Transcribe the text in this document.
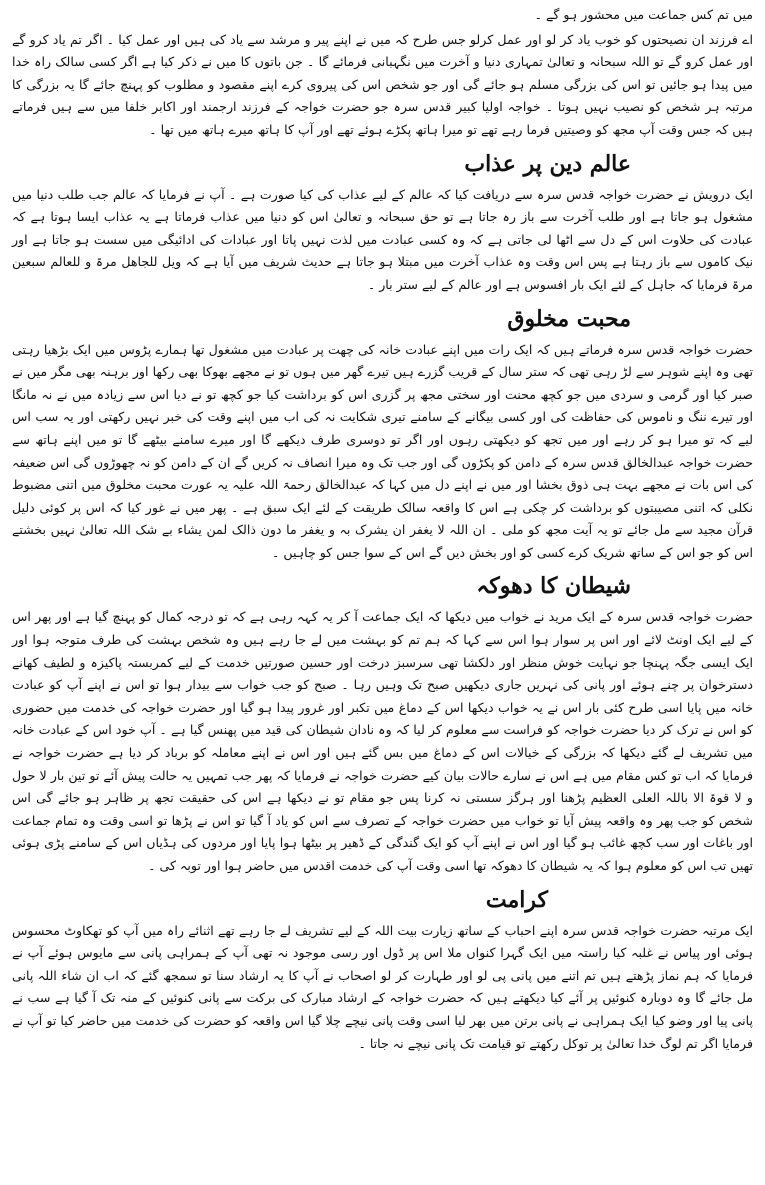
میں تم کس جماعت میں محشور ہو گے ۔

اے فرزند ان نصیحتوں کو خوب یاد کر لو اور عمل کرلو جس طرح کہ میں نے اپنے پیر و مرشد سے یاد کی ہیں اور عمل کیا ۔ اگر تم یاد کرو گے اور عمل کرو گے تو اللہ سبحانہ و تعالیٰ تمہاری دنیا و آخرت میں نگہبانی فرمائے گا ۔ جن باتوں کا میں نے ذکر کیا ہے اگر کسی سالک راہ خدا میں پیدا ہو جائیں تو اس کی بزرگی مسلم ہو جائے گی اور جو شخص اس کی پیروی کرے اپنے مقصود و مطلوب کو پہنچ جائے گا یہ بزرگی کا مرتبہ ہر شخص کو نصیب نہیں ہوتا ۔ خواجہ اولیا کبیر قدس سرہ جو حضرت خواجہ کے فرزند ارجمند اور اکابر خلفا میں سے ہیں فرماتے ہیں کہ جس وقت آپ مجھ کو وصیتیں فرما رہے تھے تو میرا ہاتھ پکڑے ہوئے تھے اور آپ کا ہاتھ میرے ہاتھ میں تھا ۔

عالم دین پر عذاب

ایک درویش نے حضرت خواجہ قدس سرہ سے دریافت کیا کہ عالم کے لیے عذاب کی کیا صورت ہے ۔ آپ نے فرمایا کہ عالم جب طلب دنیا میں مشغول ہو جاتا ہے اور طلب آخرت سے باز رہ جاتا ہے تو حق سبحانہ و تعالیٰ اس کو دنیا میں عذاب فرماتا ہے یہ عذاب ایسا ہوتا ہے کہ عبادت کی حلاوت اس کے دل سے اٹھا لی جاتی ہے کہ وہ کسی عبادت میں لذت نہیں پاتا اور عبادات کی ادائیگی میں سست ہو جاتا ہے اور نیک کاموں سے باز رہتا ہے پس اس وقت وہ عذاب آخرت میں مبتلا ہو جاتا ہے حدیث شریف میں آیا ہے کہ ویل للجاھل مرۃ و للعالم سبعین مرۃ فرمایا کہ جاہل کے لئے ایک بار افسوس ہے اور عالم کے لیے ستر بار ۔

محبت مخلوق

حضرت خواجہ قدس سرہ فرماتے ہیں کہ ایک رات میں اپنے عبادت خانہ کی چھت پر عبادت میں مشغول تھا ہمارے پڑوس میں ایک بڑھیا رہتی تھی وہ اپنے شوہر سے لڑ رہی تھی کہ ستر سال کے قریب گزرے ہیں تیرے گھر میں ہوں تو نے مجھے بھوکا بھی رکھا اور برہنہ بھی مگر میں نے صبر کیا اور گرمی و سردی میں جو کچھ محنت اور سختی مجھ پر گزری اس کو برداشت کیا جو کچھ تو نے دیا اس سے زیادہ میں نے نہ مانگا اور تیرے ننگ و ناموس کی حفاظت کی اور کسی بیگانے کے سامنے تیری شکایت نہ کی اب میں اپنے وقت کی خبر نہیں رکھتی اور یہ سب اس لیے کہ تو میرا ہو کر رہے اور میں تجھ کو دیکھتی رہوں اور اگر تو دوسری طرف دیکھے گا اور میرے سامنے بیٹھے گا تو میں اپنے ہاتھ سے حضرت خواجہ عبدالخالق قدس سرہ کے دامن کو پکڑوں گی اور جب تک وہ میرا انصاف نہ کریں گے ان کے دامن کو نہ چھوڑوں گی اس ضعیفہ کی اس بات نے مجھے بہت ہی ذوق بخشا اور میں نے اپنے دل میں کہا کہ عبدالخالق رحمۃ اللہ علیہ یہ عورت محبت مخلوق میں اتنی مضبوط نکلی کہ اتنی مصیبتوں کو برداشت کر چکی ہے اس کا واقعہ سالک طریقت کے لئے ایک سبق ہے ۔ پھر میں نے غور کیا کہ اس پر کوئی دلیل قرآن مجید سے مل جائے تو یہ آیت مجھ کو ملی ۔ ان اللہ لا یغفر ان یشرک بہ و یغفر ما دون ذالک لمن یشاء بے شک اللہ تعالیٰ نہیں بخشتے اس کو جو اس کے ساتھ شریک کرے کسی کو اور بخش دیں گے اس کے سوا جس کو چاہیں ۔

شیطان کا دھوکہ

حضرت خواجہ قدس سرہ کے ایک مرید نے خواب میں دیکھا کہ ایک جماعت آ کر یہ کہہ رہی ہے کہ تو درجہ کمال کو پہنچ گیا ہے اور پھر اس کے لیے ایک اونٹ لائے اور اس پر سوار ہوا اس سے کہا کہ ہم تم کو بہشت میں لے جا رہے ہیں وہ شخص بہشت کی طرف متوجہ ہوا اور ایک ایسی جگہ پہنچا جو نہایت خوش منظر اور دلکشا تھی سرسبز درخت اور حسین صورتیں خدمت کے لیے کمربستہ پاکیزہ و لطیف کھانے دسترخوان پر چنے ہوئے اور پانی کی نہریں جاری دیکھیں صبح تک وہیں رہا ۔ صبح کو جب خواب سے بیدار ہوا تو اس نے اپنے آپ کو عبادت خانہ میں پایا اسی طرح کئی بار اس نے یہ خواب دیکھا اس کے دماغ میں تکبر اور غرور پیدا ہو گیا اور حضرت خواجہ کی خدمت میں حضوری کو اس نے ترک کر دیا حضرت خواجہ کو فراست سے معلوم کر لیا کہ وہ نادان شیطان کی قید میں پھنس گیا ہے ۔ آپ خود اس کے عبادت خانہ میں تشریف لے گئے دیکھا کہ بزرگی کے خیالات اس کے دماغ میں بس گئے ہیں اور اس نے اپنے معاملہ کو برباد کر دیا ہے حضرت خواجہ نے فرمایا کہ اب تو کس مقام میں ہے اس نے سارے حالات بیان کیے حضرت خواجہ نے فرمایا کہ پھر جب تمہیں یہ حالت پیش آئے تو تین بار لا حول و لا قوۃ الا باللہ العلی العظیم پڑھنا اور ہرگز سستی نہ کرنا پس جو مقام تو نے دیکھا ہے اس کی حقیقت تجھ پر ظاہر ہو جائے گی اس شخص کو جب پھر وہ واقعہ پیش آیا تو خواب میں حضرت خواجہ کے تصرف سے اس کو یاد آ گیا تو اس نے پڑھا تو اسی وقت وہ تمام جماعت اور باغات اور سب کچھ غائب ہو گیا اور اس نے اپنے آپ کو ایک گندگی کے ڈھیر پر بیٹھا ہوا پایا اور مردوں کی ہڈیاں اس کے سامنے پڑی ہوئی تھیں تب اس کو معلوم ہوا کہ یہ شیطان کا دھوکہ تھا اسی وقت آپ کی خدمت اقدس میں حاضر ہوا اور توبہ کی ۔

کرامت

ایک مرتبہ حضرت خواجہ قدس سرہ اپنے احباب کے ساتھ زیارت بیت اللہ کے لیے تشریف لے جا رہے تھے اثنائے راہ میں آپ کو تھکاوٹ محسوس ہوئی اور پیاس نے غلبہ کیا راستہ میں ایک گہرا کنواں ملا اس پر ڈول اور رسی موجود نہ تھی آپ کے ہمراہی پانی سے مایوس ہوئے آپ نے فرمایا کہ ہم نماز پڑھتے ہیں تم اتنے میں پانی پی لو اور طہارت کر لو اصحاب نے آپ کا یہ ارشاد سنا تو سمجھ گئے کہ اب ان شاء اللہ پانی مل جائے گا وہ دوبارہ کنوئیں پر آئے کیا دیکھتے ہیں کہ حضرت خواجہ کے ارشاد مبارک کی برکت سے پانی کنوئیں کے منہ تک آ گیا ہے سب نے پانی پیا اور وضو کیا ایک ہمراہی نے پانی برتن میں بھر لیا اسی وقت پانی نیچے چلا گیا اس واقعہ کو حضرت کی خدمت میں حاضر کیا تو آپ نے فرمایا اگر تم لوگ خدا تعالیٰ پر توکل رکھتے تو قیامت تک پانی نیچے نہ جاتا ۔
